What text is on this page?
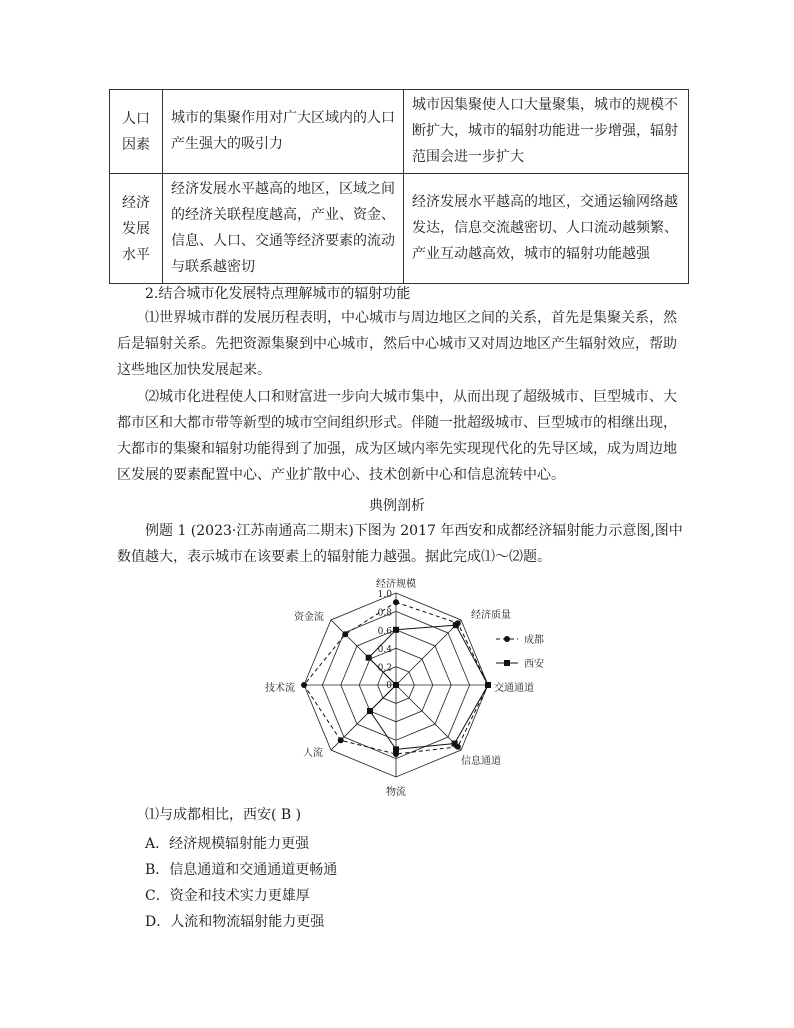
人口因素	城市的集聚作用对广大区域内的人口产生强大的吸引力	城市因集聚使人口大量聚集，城市的规模不断扩大，城市的辐射功能进一步增强，辐射范围会进一步扩大
经济发展水平	经济发展水平越高的地区，区域之间的经济关联程度越高，产业、资金、信息、人口、交通等经济要素的流动与联系越密切	经济发展水平越高的地区，交通运输网络越发达，信息交流越密切、人口流动越频繁、产业互动越高效，城市的辐射功能越强

2.结合城市化发展特点理解城市的辐射功能

⑴世界城市群的发展历程表明，中心城市与周边地区之间的关系，首先是集聚关系，然后是辐射关系。先把资源集聚到中心城市，然后中心城市又对周边地区产生辐射效应，帮助这些地区加快发展起来。

⑵城市化进程使人口和财富进一步向大城市集中，从而出现了超级城市、巨型城市、大都市区和大都市带等新型的城市空间组织形式。伴随一批超级城市、巨型城市的相继出现，大都市的集聚和辐射功能得到了加强，成为区域内率先实现现代化的先导区域，成为周边地区发展的要素配置中心、产业扩散中心、技术创新中心和信息流转中心。

典例剖析

例题 1 (2023·江苏南通高二期末)下图为 2017 年西安和成都经济辐射能力示意图,图中数值越大，表示城市在该要素上的辐射能力越强。据此完成⑴～⑵题。

0
0.2
0.4
0.6
0.8
1.0
经济规模
经济质量
交通通道
信息通道
物流
人流
技术流
资金流
成都
西安
⑴与成都相比，西安( B )
A．经济规模辐射能力更强
B．信息通道和交通通道更畅通
C．资金和技术实力更雄厚
D．人流和物流辐射能力更强
